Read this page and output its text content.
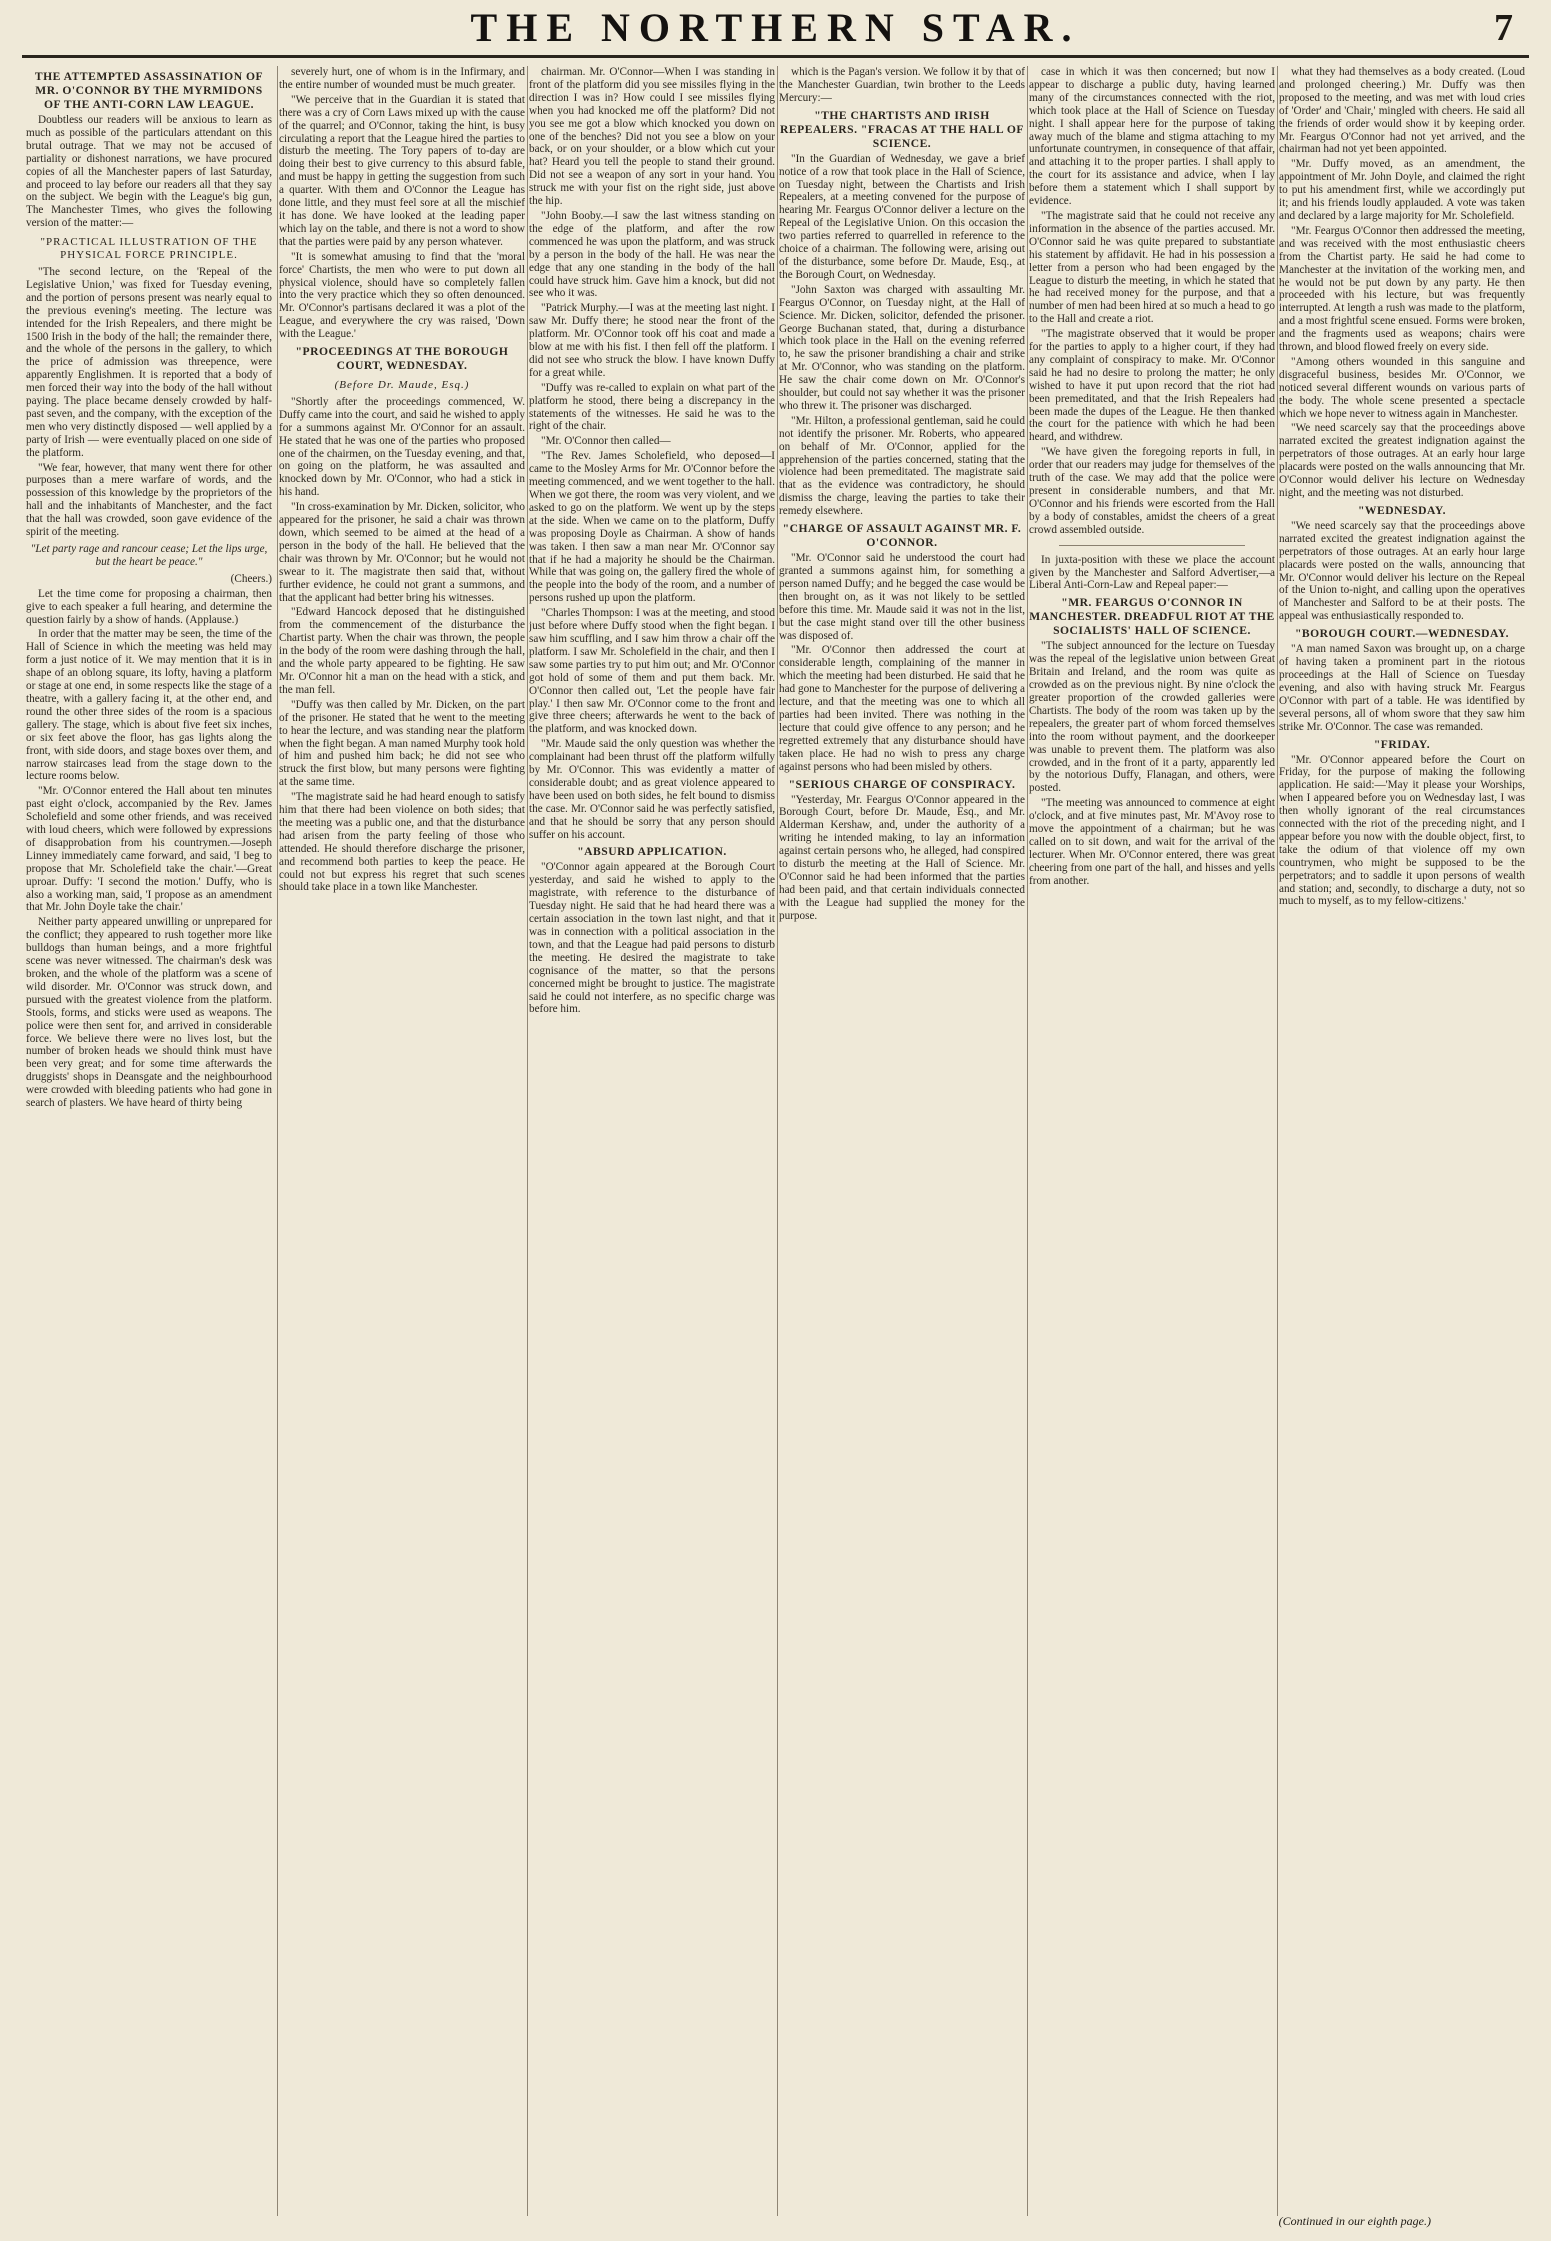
THE NORTHERN STAR.	7
THE ATTEMPTED ASSASSINATION OF MR. O'CONNOR BY THE MYRMIDONS OF THE ANTI-CORN LAW LEAGUE.

Doubtless our readers will be anxious to learn as much as possible of the particulars attendant on this brutal outrage. That we may not be accused of partiality or dishonest narrations, we have procured copies of all the Manchester papers of last Saturday, and proceed to lay before our readers all that they say on the subject. We begin with the League's big gun, The Manchester Times, who gives the following version of the matter:—

"PRACTICAL ILLUSTRATION OF THE PHYSICAL FORCE PRINCIPLE.

"The second lecture, on the 'Repeal of the Legislative Union,' was fixed for Tuesday evening, and the portion of persons present was nearly equal to the previous evening's meeting. The lecture was intended for the Irish Repealers, and there might be 1500 Irish in the body of the hall; the remainder there, and the whole of the persons in the gallery, to which the price of admission was threepence, were apparently Englishmen. It is reported that a body of men forced their way into the body of the hall without paying. The place became densely crowded by half-past seven, and the company, with the exception of the men who very distinctly disposed — well applied by a party of Irish — were eventually placed on one side of the platform.

"We fear, however, that many went there for other purposes than a mere warfare of words, and the possession of this knowledge by the proprietors of the hall and the inhabitants of Manchester, and the fact that the hall was crowded, soon gave evidence of the spirit of the meeting.

"Let party rage and rancour cease; Let the lips urge, but the heart be peace."

(Cheers.)

Let the time come for proposing a chairman, then give to each speaker a full hearing, and determine the question fairly by a show of hands. (Applause.)

In order that the matter may be seen, the time of the Hall of Science in which the meeting was held may form a just notice of it. We may mention that it is in shape of an oblong square, its lofty, having a platform or stage at one end, in some respects like the stage of a theatre, with a gallery facing it, at the other end, and round the other three sides of the room is a spacious gallery. The stage, which is about five feet six inches, or six feet above the floor, has gas lights along the front, with side doors, and stage boxes over them, and narrow staircases lead from the stage down to the lecture rooms below.

"Mr. O'Connor entered the Hall about ten minutes past eight o'clock, accompanied by the Rev. James Scholefield and some other friends, and was received with loud cheers, which were followed by expressions of disapprobation from his countrymen.—Joseph Linney immediately came forward, and said, 'I beg to propose that Mr. Scholefield take the chair.'—Great uproar. Duffy: 'I second the motion.' Duffy, who is also a working man, said, 'I propose as an amendment that Mr. John Doyle take the chair.'

Neither party appeared unwilling or unprepared for the conflict; they appeared to rush together more like bulldogs than human beings, and a more frightful scene was never witnessed. The chairman's desk was broken, and the whole of the platform was a scene of wild disorder. Mr. O'Connor was struck down, and pursued with the greatest violence from the platform. Stools, forms, and sticks were used as weapons. The police were then sent for, and arrived in considerable force. We believe there were no lives lost, but the number of broken heads we should think must have been very great; and for some time afterwards the druggists' shops in Deansgate and the neighbourhood were crowded with bleeding patients who had gone in search of plasters. We have heard of thirty being

severely hurt, one of whom is in the Infirmary, and the entire number of wounded must be much greater.

"We perceive that in the Guardian it is stated that there was a cry of Corn Laws mixed up with the cause of the quarrel; and O'Connor, taking the hint, is busy circulating a report that the League hired the parties to disturb the meeting. The Tory papers of to-day are doing their best to give currency to this absurd fable, and must be happy in getting the suggestion from such a quarter. With them and O'Connor the League has done little, and they must feel sore at all the mischief it has done. We have looked at the leading paper which lay on the table, and there is not a word to show that the parties were paid by any person whatever.

"It is somewhat amusing to find that the 'moral force' Chartists, the men who were to put down all physical violence, should have so completely fallen into the very practice which they so often denounced. Mr. O'Connor's partisans declared it was a plot of the League, and everywhere the cry was raised, 'Down with the League.'

"PROCEEDINGS AT THE BOROUGH COURT, WEDNESDAY.
(Before Dr. Maude, Esq.)

"Shortly after the proceedings commenced, W. Duffy came into the court, and said he wished to apply for a summons against Mr. O'Connor for an assault. He stated that he was one of the parties who proposed one of the chairmen, on the Tuesday evening, and that, on going on the platform, he was assaulted and knocked down by Mr. O'Connor, who had a stick in his hand.

"In cross-examination by Mr. Dicken, solicitor, who appeared for the prisoner, he said a chair was thrown down, which seemed to be aimed at the head of a person in the body of the hall. He believed that the chair was thrown by Mr. O'Connor; but he would not swear to it. The magistrate then said that, without further evidence, he could not grant a summons, and that the applicant had better bring his witnesses.

"Edward Hancock deposed that he distinguished from the commencement of the disturbance the Chartist party. When the chair was thrown, the people in the body of the room were dashing through the hall, and the whole party appeared to be fighting. He saw Mr. O'Connor hit a man on the head with a stick, and the man fell.

"Duffy was then called by Mr. Dicken, on the part of the prisoner. He stated that he went to the meeting to hear the lecture, and was standing near the platform when the fight began. A man named Murphy took hold of him and pushed him back; he did not see who struck the first blow, but many persons were fighting at the same time.

"The magistrate said he had heard enough to satisfy him that there had been violence on both sides; that the meeting was a public one, and that the disturbance had arisen from the party feeling of those who attended. He should therefore discharge the prisoner, and recommend both parties to keep the peace. He could not but express his regret that such scenes should take place in a town like Manchester.

chairman. Mr. O'Connor—When I was standing in front of the platform did you see missiles flying in the direction I was in? How could I see missiles flying when you had knocked me off the platform? Did not you see me got a blow which knocked you down on one of the benches? Did not you see a blow on your back, or on your shoulder, or a blow which cut your hat? Heard you tell the people to stand their ground. Did not see a weapon of any sort in your hand. You struck me with your fist on the right side, just above the hip.

"John Booby.—I saw the last witness standing on the edge of the platform, and after the row commenced he was upon the platform, and was struck by a person in the body of the hall. He was near the edge that any one standing in the body of the hall could have struck him. Gave him a knock, but did not see who it was.

"Patrick Murphy.—I was at the meeting last night. I saw Mr. Duffy there; he stood near the front of the platform. Mr. O'Connor took off his coat and made a blow at me with his fist. I then fell off the platform. I did not see who struck the blow. I have known Duffy for a great while.

"Duffy was re-called to explain on what part of the platform he stood, there being a discrepancy in the statements of the witnesses. He said he was to the right of the chair.

"Mr. O'Connor then called—

"The Rev. James Scholefield, who deposed—I came to the Mosley Arms for Mr. O'Connor before the meeting commenced, and we went together to the hall. When we got there, the room was very violent, and we asked to go on the platform. We went up by the steps at the side. When we came on to the platform, Duffy was proposing Doyle as Chairman. A show of hands was taken. I then saw a man near Mr. O'Connor say that if he had a majority he should be the Chairman. While that was going on, the gallery fired the whole of the people into the body of the room, and a number of persons rushed up upon the platform.

"Charles Thompson: I was at the meeting, and stood just before where Duffy stood when the fight began. I saw him scuffling, and I saw him throw a chair off the platform. I saw Mr. Scholefield in the chair, and then I saw some parties try to put him out; and Mr. O'Connor got hold of some of them and put them back. Mr. O'Connor then called out, 'Let the people have fair play.' I then saw Mr. O'Connor come to the front and give three cheers; afterwards he went to the back of the platform, and was knocked down.

"Mr. Maude said the only question was whether the complainant had been thrust off the platform wilfully by Mr. O'Connor. This was evidently a matter of considerable doubt; and as great violence appeared to have been used on both sides, he felt bound to dismiss the case. Mr. O'Connor said he was perfectly satisfied, and that he should be sorry that any person should suffer on his account.

"ABSURD APPLICATION.

"O'Connor again appeared at the Borough Court yesterday, and said he wished to apply to the magistrate, with reference to the disturbance of Tuesday night. He said that he had heard there was a certain association in the town last night, and that it was in connection with a political association in the town, and that the League had paid persons to disturb the meeting. He desired the magistrate to take cognisance of the matter, so that the persons concerned might be brought to justice. The magistrate said he could not interfere, as no specific charge was before him.

which is the Pagan's version. We follow it by that of the Manchester Guardian, twin brother to the Leeds Mercury:—

"THE CHARTISTS AND IRISH REPEALERS. "FRACAS AT THE HALL OF SCIENCE.

"In the Guardian of Wednesday, we gave a brief notice of a row that took place in the Hall of Science, on Tuesday night, between the Chartists and Irish Repealers, at a meeting convened for the purpose of hearing Mr. Feargus O'Connor deliver a lecture on the Repeal of the Legislative Union. On this occasion the two parties referred to quarrelled in reference to the choice of a chairman. The following were, arising out of the disturbance, some before Dr. Maude, Esq., at the Borough Court, on Wednesday.

"John Saxton was charged with assaulting Mr. Feargus O'Connor, on Tuesday night, at the Hall of Science. Mr. Dicken, solicitor, defended the prisoner. George Buchanan stated, that, during a disturbance which took place in the Hall on the evening referred to, he saw the prisoner brandishing a chair and strike at Mr. O'Connor, who was standing on the platform. He saw the chair come down on Mr. O'Connor's shoulder, but could not say whether it was the prisoner who threw it. The prisoner was discharged.

"Mr. Hilton, a professional gentleman, said he could not identify the prisoner. Mr. Roberts, who appeared on behalf of Mr. O'Connor, applied for the apprehension of the parties concerned, stating that the violence had been premeditated. The magistrate said that as the evidence was contradictory, he should dismiss the charge, leaving the parties to take their remedy elsewhere.

"CHARGE OF ASSAULT AGAINST MR. F. O'CONNOR.

"Mr. O'Connor said he understood the court had granted a summons against him, for something a person named Duffy; and he begged the case would be then brought on, as it was not likely to be settled before this time. Mr. Maude said it was not in the list, but the case might stand over till the other business was disposed of.

"Mr. O'Connor then addressed the court at considerable length, complaining of the manner in which the meeting had been disturbed. He said that he had gone to Manchester for the purpose of delivering a lecture, and that the meeting was one to which all parties had been invited. There was nothing in the lecture that could give offence to any person; and he regretted extremely that any disturbance should have taken place. He had no wish to press any charge against persons who had been misled by others.

"SERIOUS CHARGE OF CONSPIRACY.

"Yesterday, Mr. Feargus O'Connor appeared in the Borough Court, before Dr. Maude, Esq., and Mr. Alderman Kershaw, and, under the authority of a writing he intended making, to lay an information against certain persons who, he alleged, had conspired to disturb the meeting at the Hall of Science. Mr. O'Connor said he had been informed that the parties had been paid, and that certain individuals connected with the League had supplied the money for the purpose.

case in which it was then concerned; but now I appear to discharge a public duty, having learned many of the circumstances connected with the riot, which took place at the Hall of Science on Tuesday night. I shall appear here for the purpose of taking away much of the blame and stigma attaching to my unfortunate countrymen, in consequence of that affair, and attaching it to the proper parties. I shall apply to the court for its assistance and advice, when I lay before them a statement which I shall support by evidence.

"The magistrate said that he could not receive any information in the absence of the parties accused. Mr. O'Connor said he was quite prepared to substantiate his statement by affidavit. He had in his possession a letter from a person who had been engaged by the League to disturb the meeting, in which he stated that he had received money for the purpose, and that a number of men had been hired at so much a head to go to the Hall and create a riot.

"The magistrate observed that it would be proper for the parties to apply to a higher court, if they had any complaint of conspiracy to make. Mr. O'Connor said he had no desire to prolong the matter; he only wished to have it put upon record that the riot had been premeditated, and that the Irish Repealers had been made the dupes of the League. He then thanked the court for the patience with which he had been heard, and withdrew.

"We have given the foregoing reports in full, in order that our readers may judge for themselves of the truth of the case. We may add that the police were present in considerable numbers, and that Mr. O'Connor and his friends were escorted from the Hall by a body of constables, amidst the cheers of a great crowd assembled outside.

In juxta-position with these we place the account given by the Manchester and Salford Advertiser,—a Liberal Anti-Corn-Law and Repeal paper:—

"MR. FEARGUS O'CONNOR IN MANCHESTER. DREADFUL RIOT AT THE SOCIALISTS' HALL OF SCIENCE.

"The subject announced for the lecture on Tuesday was the repeal of the legislative union between Great Britain and Ireland, and the room was quite as crowded as on the previous night. By nine o'clock the greater proportion of the crowded galleries were Chartists. The body of the room was taken up by the repealers, the greater part of whom forced themselves into the room without payment, and the doorkeeper was unable to prevent them. The platform was also crowded, and in the front of it a party, apparently led by the notorious Duffy, Flanagan, and others, were posted.

"The meeting was announced to commence at eight o'clock, and at five minutes past, Mr. M'Avoy rose to move the appointment of a chairman; but he was called on to sit down, and wait for the arrival of the lecturer. When Mr. O'Connor entered, there was great cheering from one part of the hall, and hisses and yells from another.

what they had themselves as a body created. (Loud and prolonged cheering.) Mr. Duffy was then proposed to the meeting, and was met with loud cries of 'Order' and 'Chair,' mingled with cheers. He said all the friends of order would show it by keeping order. Mr. Feargus O'Connor had not yet arrived, and the chairman had not yet been appointed.

"Mr. Duffy moved, as an amendment, the appointment of Mr. John Doyle, and claimed the right to put his amendment first, while we accordingly put it; and his friends loudly applauded. A vote was taken and declared by a large majority for Mr. Scholefield.

"Mr. Feargus O'Connor then addressed the meeting, and was received with the most enthusiastic cheers from the Chartist party. He said he had come to Manchester at the invitation of the working men, and he would not be put down by any party. He then proceeded with his lecture, but was frequently interrupted. At length a rush was made to the platform, and a most frightful scene ensued. Forms were broken, and the fragments used as weapons; chairs were thrown, and blood flowed freely on every side.

"Among others wounded in this sanguine and disgraceful business, besides Mr. O'Connor, we noticed several different wounds on various parts of the body. The whole scene presented a spectacle which we hope never to witness again in Manchester.

"We need scarcely say that the proceedings above narrated excited the greatest indignation against the perpetrators of those outrages. At an early hour large placards were posted on the walls announcing that Mr. O'Connor would deliver his lecture on Wednesday night, and the meeting was not disturbed.

"WEDNESDAY.

"We need scarcely say that the proceedings above narrated excited the greatest indignation against the perpetrators of those outrages. At an early hour large placards were posted on the walls, announcing that Mr. O'Connor would deliver his lecture on the Repeal of the Union to-night, and calling upon the operatives of Manchester and Salford to be at their posts. The appeal was enthusiastically responded to.

"BOROUGH COURT.—WEDNESDAY.

"A man named Saxon was brought up, on a charge of having taken a prominent part in the riotous proceedings at the Hall of Science on Tuesday evening, and also with having struck Mr. Feargus O'Connor with part of a table. He was identified by several persons, all of whom swore that they saw him strike Mr. O'Connor. The case was remanded.

"FRIDAY.

"Mr. O'Connor appeared before the Court on Friday, for the purpose of making the following application. He said:—'May it please your Worships, when I appeared before you on Wednesday last, I was then wholly ignorant of the real circumstances connected with the riot of the preceding night, and I appear before you now with the double object, first, to take the odium of that violence off my own countrymen, who might be supposed to be the perpetrators; and to saddle it upon persons of wealth and station; and, secondly, to discharge a duty, not so much to myself, as to my fellow-citizens.'

(Continued in our eighth page.)
